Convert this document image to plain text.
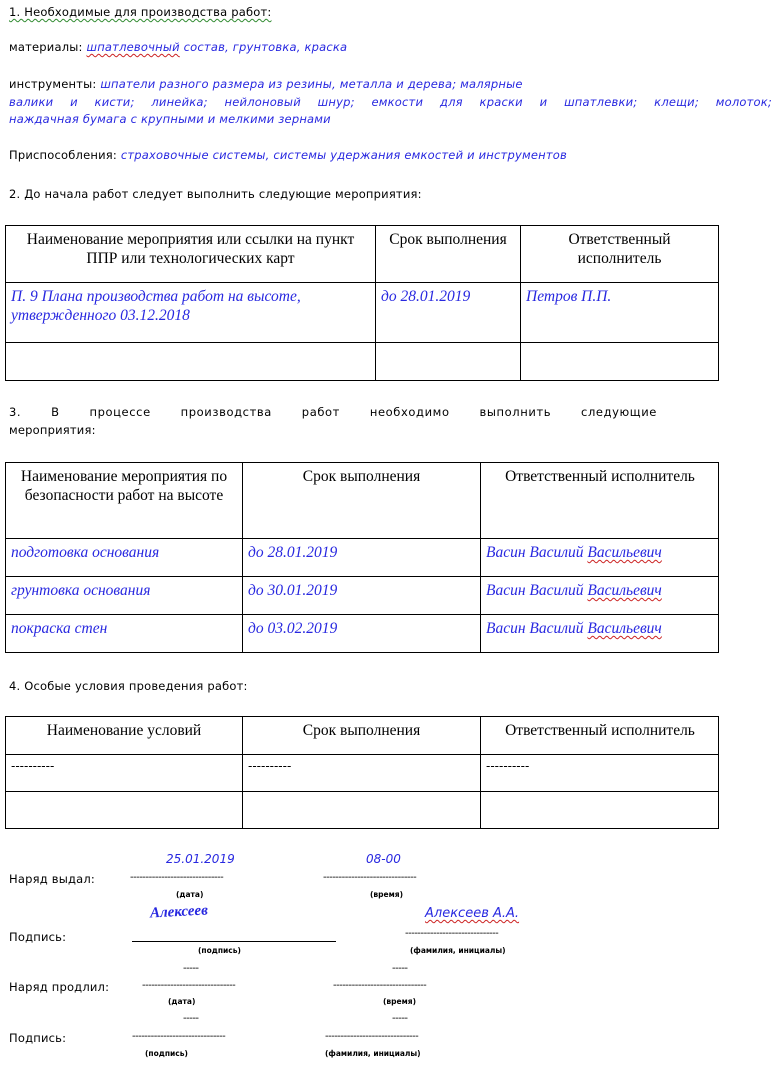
1. Необходимые для производства работ:
материалы: шпатлевочный состав, грунтовка, краска
инструменты: шпатели разного размера из резины, металла и дерева; малярные
валики и кисти; линейка; нейлоновый шнур; емкости для краски и шпатлевки; клещи; молоток;
наждачная бумага с крупными и мелкими зернами
Приспособления: страховочные системы, системы удержания емкостей и инструментов
2. До начала работ следует выполнить следующие мероприятия:
Наименование мероприятия или ссылки на пункт ППР или технологических карт	Срок выполнения	Ответственный исполнитель
П. 9 Плана производства работ на высоте, утвержденного 03.12.2018	до 28.01.2019	Петров П.П.

3. В процессе производства работ необходимо выполнить следующие
мероприятия:
Наименование мероприятия по безопасности работ на высоте	Срок выполнения	Ответственный исполнитель
подготовка основания	до 28.01.2019	Васин Василий Васильевич
грунтовка основания	до 30.01.2019	Васин Василий Васильевич
покраска стен	до 03.02.2019	Васин Василий Васильевич
4. Особые условия проведения работ:
Наименование условий	Срок выполнения	Ответственный исполнитель
----------	----------	----------

25.01.2019	08-00
Наряд выдал:	------------------------------	------------------------------
(дата)	(время)
Алексеев	Алексеев А.А.
Подпись:	------------------------------
(подпись)	(фамилия, инициалы)
-----	-----
Наряд продлил:	------------------------------	------------------------------
(дата)	(время)
-----	-----
Подпись:	------------------------------	------------------------------
(подпись)	(фамилия, инициалы)
